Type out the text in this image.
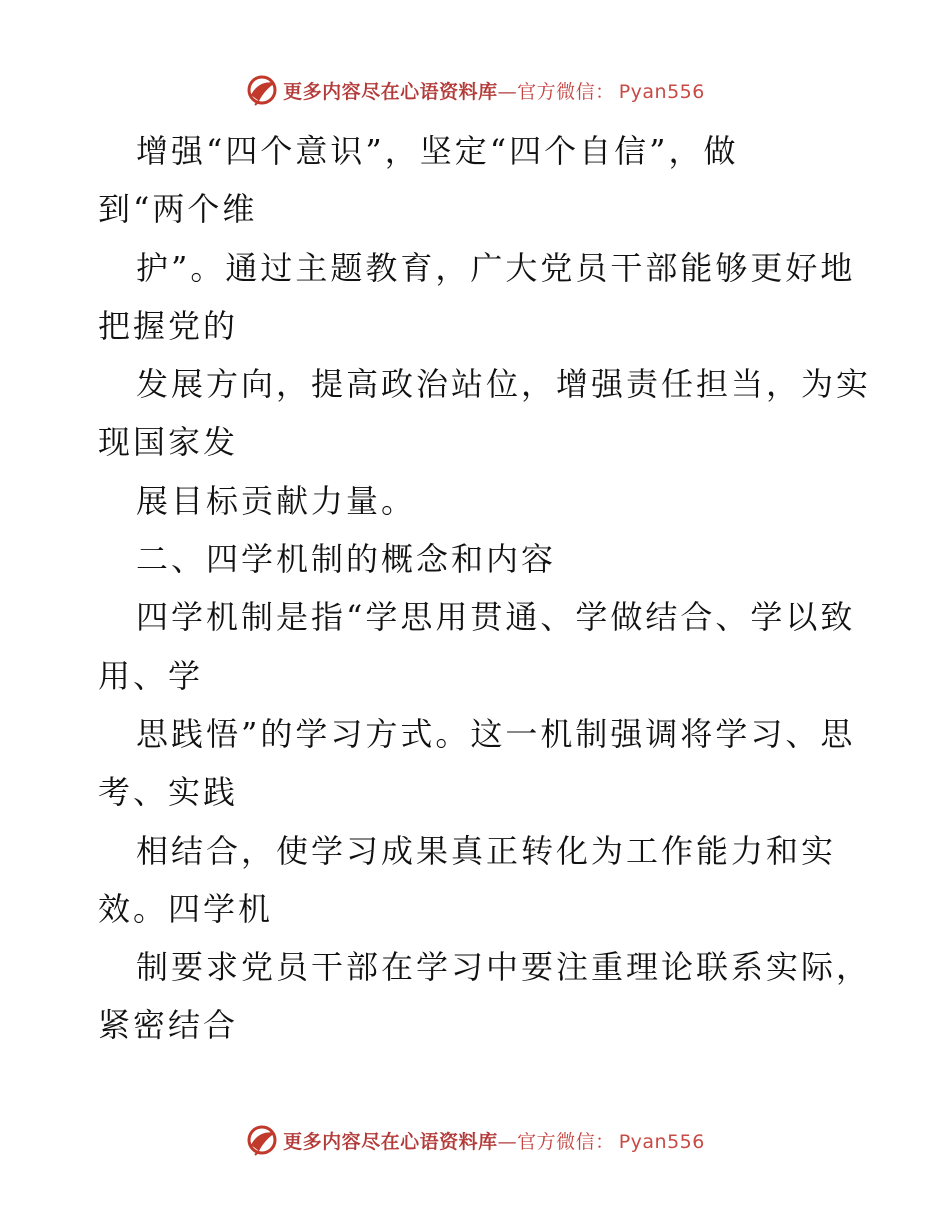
更多内容尽在心语资料库—官方微信： Pyan556
增强“四个意识”，坚定“四个自信”，做
到“两个维
护”。通过主题教育，广大党员干部能够更好地
把握党的
发展方向，提高政治站位，增强责任担当，为实
现国家发
展目标贡献力量。
二、四学机制的概念和内容
四学机制是指“学思用贯通、学做结合、学以致
用、学
思践悟”的学习方式。这一机制强调将学习、思
考、实践
相结合，使学习成果真正转化为工作能力和实
效。四学机
制要求党员干部在学习中要注重理论联系实际，
紧密结合
更多内容尽在心语资料库—官方微信： Pyan556
